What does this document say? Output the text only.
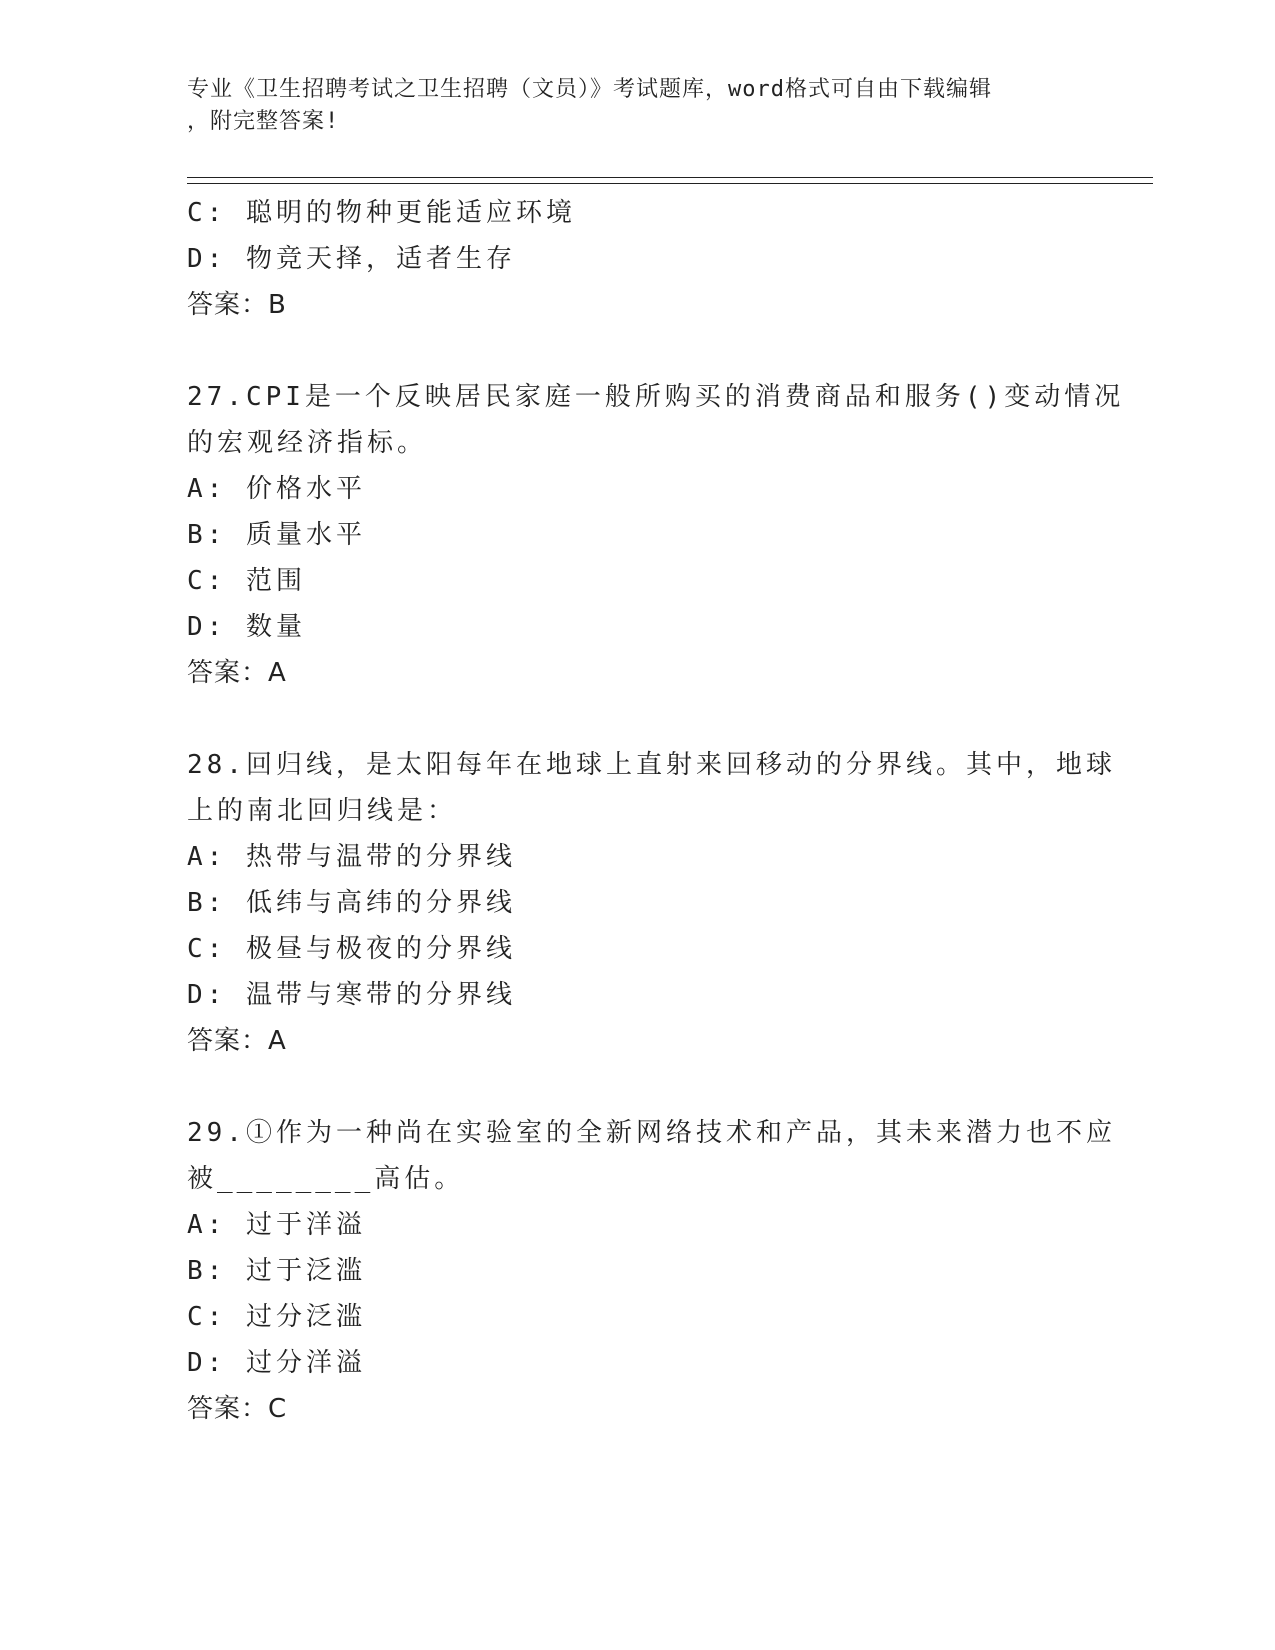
专业《卫生招聘考试之卫生招聘（文员）》考试题库，word格式可自由下载编辑
，附完整答案!
C: 聪明的物种更能适应环境
D: 物竞天择，适者生存
答案：B
27.CPI是一个反映居民家庭一般所购买的消费商品和服务()变动情况
的宏观经济指标。
A: 价格水平
B: 质量水平
C: 范围
D: 数量
答案：A
28.回归线，是太阳每年在地球上直射来回移动的分界线。其中，地球
上的南北回归线是：
A: 热带与温带的分界线
B: 低纬与高纬的分界线
C: 极昼与极夜的分界线
D: 温带与寒带的分界线
答案：A
29.①作为一种尚在实验室的全新网络技术和产品，其未来潜力也不应
被________高估。
A: 过于洋溢
B: 过于泛滥
C: 过分泛滥
D: 过分洋溢
答案：C
